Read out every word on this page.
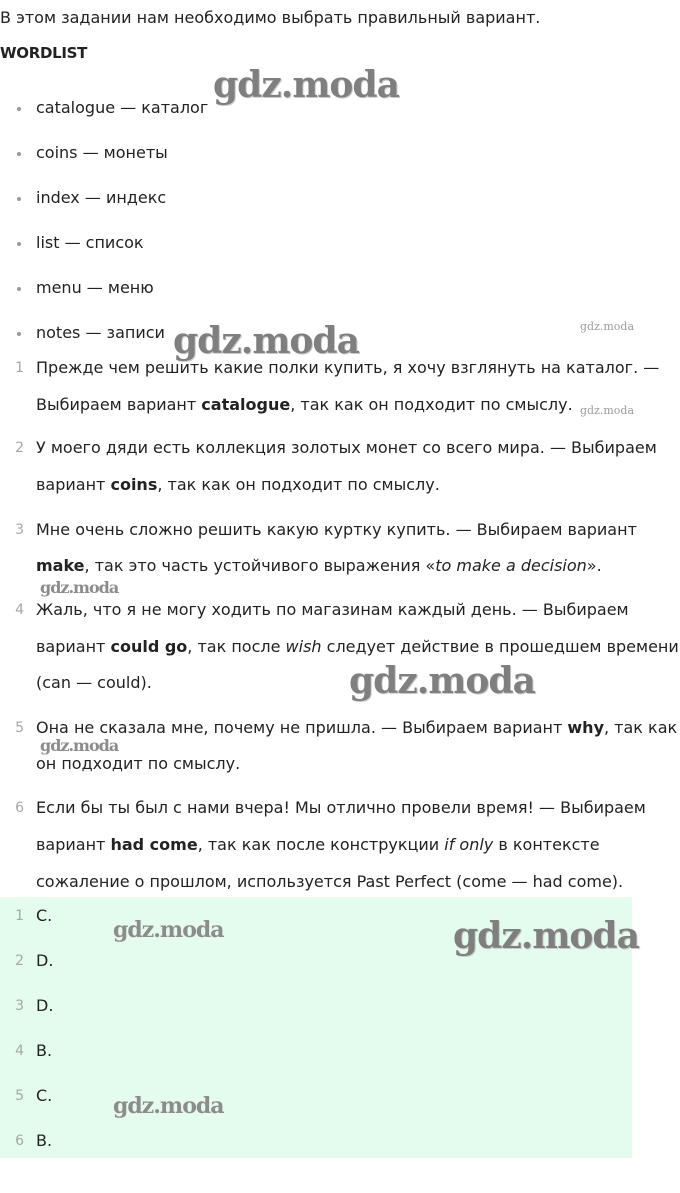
В этом задании нам необходимо выбрать правильный вариант.

WORDLIST

catalogue — каталог
coins — монеты
index — индекс
list — список
menu — меню
notes — записи
1 Прежде чем решить какие полки купить, я хочу взглянуть на каталог. —
Выбираем вариант catalogue, так как он подходит по смыслу.
2 У моего дяди есть коллекция золотых монет со всего мира. — Выбираем
вариант coins, так как он подходит по смыслу.
3 Мне очень сложно решить какую куртку купить. — Выбираем вариант
make, так это часть устойчивого выражения «to make a decision».
4 Жаль, что я не могу ходить по магазинам каждый день. — Выбираем
вариант could go, так после wish следует действие в прошедшем времени
(can — could).
5 Она не сказала мне, почему не пришла. — Выбираем вариант why, так как
он подходит по смыслу.
6 Если бы ты был с нами вчера! Мы отлично провели время! — Выбираем
вариант had come, так как после конструкции if only в контексте
сожаление о прошлом, используется Past Perfect (come — had come).
1 C.
2 D.
3 D.
4 B.
5 C.
6 B.
gdz.moda
gdz.moda	gdz.moda
gdz.moda
gdz.moda
gdz.moda
gdz.moda
gdz.moda	gdz.moda
gdz.moda
